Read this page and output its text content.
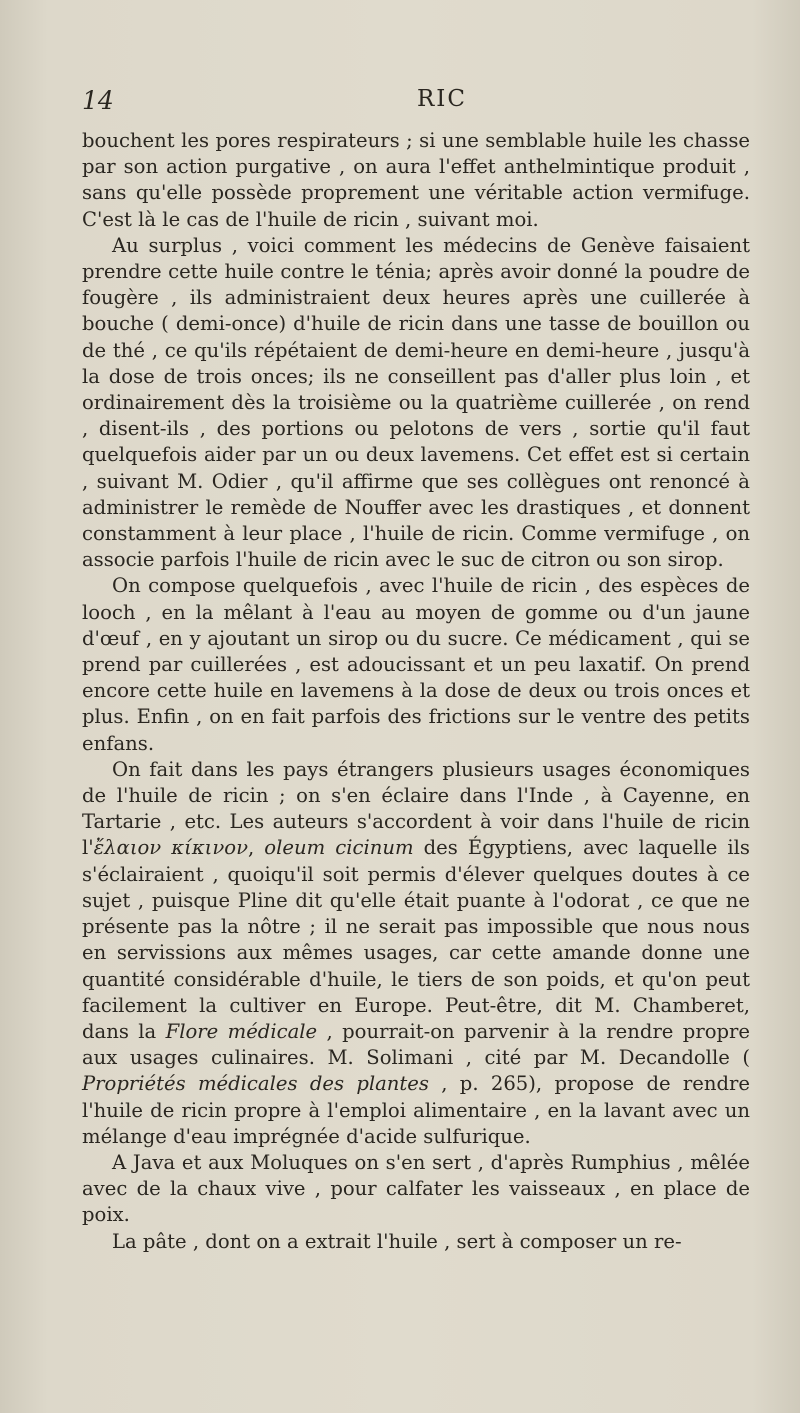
14	RIC

bouchent les pores respirateurs ; si une semblable huile les chasse par son action purgative , on aura l'effet anthelmintique produit , sans qu'elle possède proprement une véritable action vermifuge. C'est là le cas de l'huile de ricin , suivant moi.

Au surplus , voici comment les médecins de Genève faisaient prendre cette huile contre le ténia; après avoir donné la poudre de fougère , ils administraient deux heures après une cuillerée à bouche ( demi-once) d'huile de ricin dans une tasse de bouillon ou de thé , ce qu'ils répétaient de demi-heure en demi-heure , jusqu'à la dose de trois onces; ils ne conseillent pas d'aller plus loin , et ordinairement dès la troisième ou la quatrième cuillerée , on rend , disent-ils , des portions ou pelotons de vers , sortie qu'il faut quelquefois aider par un ou deux lavemens. Cet effet est si certain , suivant M. Odier , qu'il affirme que ses collègues ont renoncé à administrer le remède de Nouffer avec les drastiques , et donnent constamment à leur place , l'huile de ricin. Comme vermifuge , on associe parfois l'huile de ricin avec le suc de citron ou son sirop.

On compose quelquefois , avec l'huile de ricin , des espèces de looch , en la mêlant à l'eau au moyen de gomme ou d'un jaune d'œuf , en y ajoutant un sirop ou du sucre. Ce médicament , qui se prend par cuillerées , est adoucissant et un peu laxatif. On prend encore cette huile en lavemens à la dose de deux ou trois onces et plus. Enfin , on en fait parfois des frictions sur le ventre des petits enfans.

On fait dans les pays étrangers plusieurs usages économiques de l'huile de ricin ; on s'en éclaire dans l'Inde , à Cayenne, en Tartarie , etc. Les auteurs s'accordent à voir dans l'huile de ricin l'ἔλαιον κίκινον, oleum cicinum des Égyptiens, avec laquelle ils s'éclairaient , quoiqu'il soit permis d'élever quelques doutes à ce sujet , puisque Pline dit qu'elle était puante à l'odorat , ce que ne présente pas la nôtre ; il ne serait pas impossible que nous nous en servissions aux mêmes usages, car cette amande donne une quantité considérable d'huile, le tiers de son poids, et qu'on peut facilement la cultiver en Europe. Peut-être, dit M. Chamberet, dans la Flore médicale , pourrait-on parvenir à la rendre propre aux usages culinaires. M. Solimani , cité par M. Decandolle ( Propriétés médicales des plantes , p. 265), propose de rendre l'huile de ricin propre à l'emploi alimentaire , en la lavant avec un mélange d'eau imprégnée d'acide sulfurique.

A Java et aux Moluques on s'en sert , d'après Rumphius , mêlée avec de la chaux vive , pour calfater les vaisseaux , en place de poix.

La pâte , dont on a extrait l'huile , sert à composer un re-
